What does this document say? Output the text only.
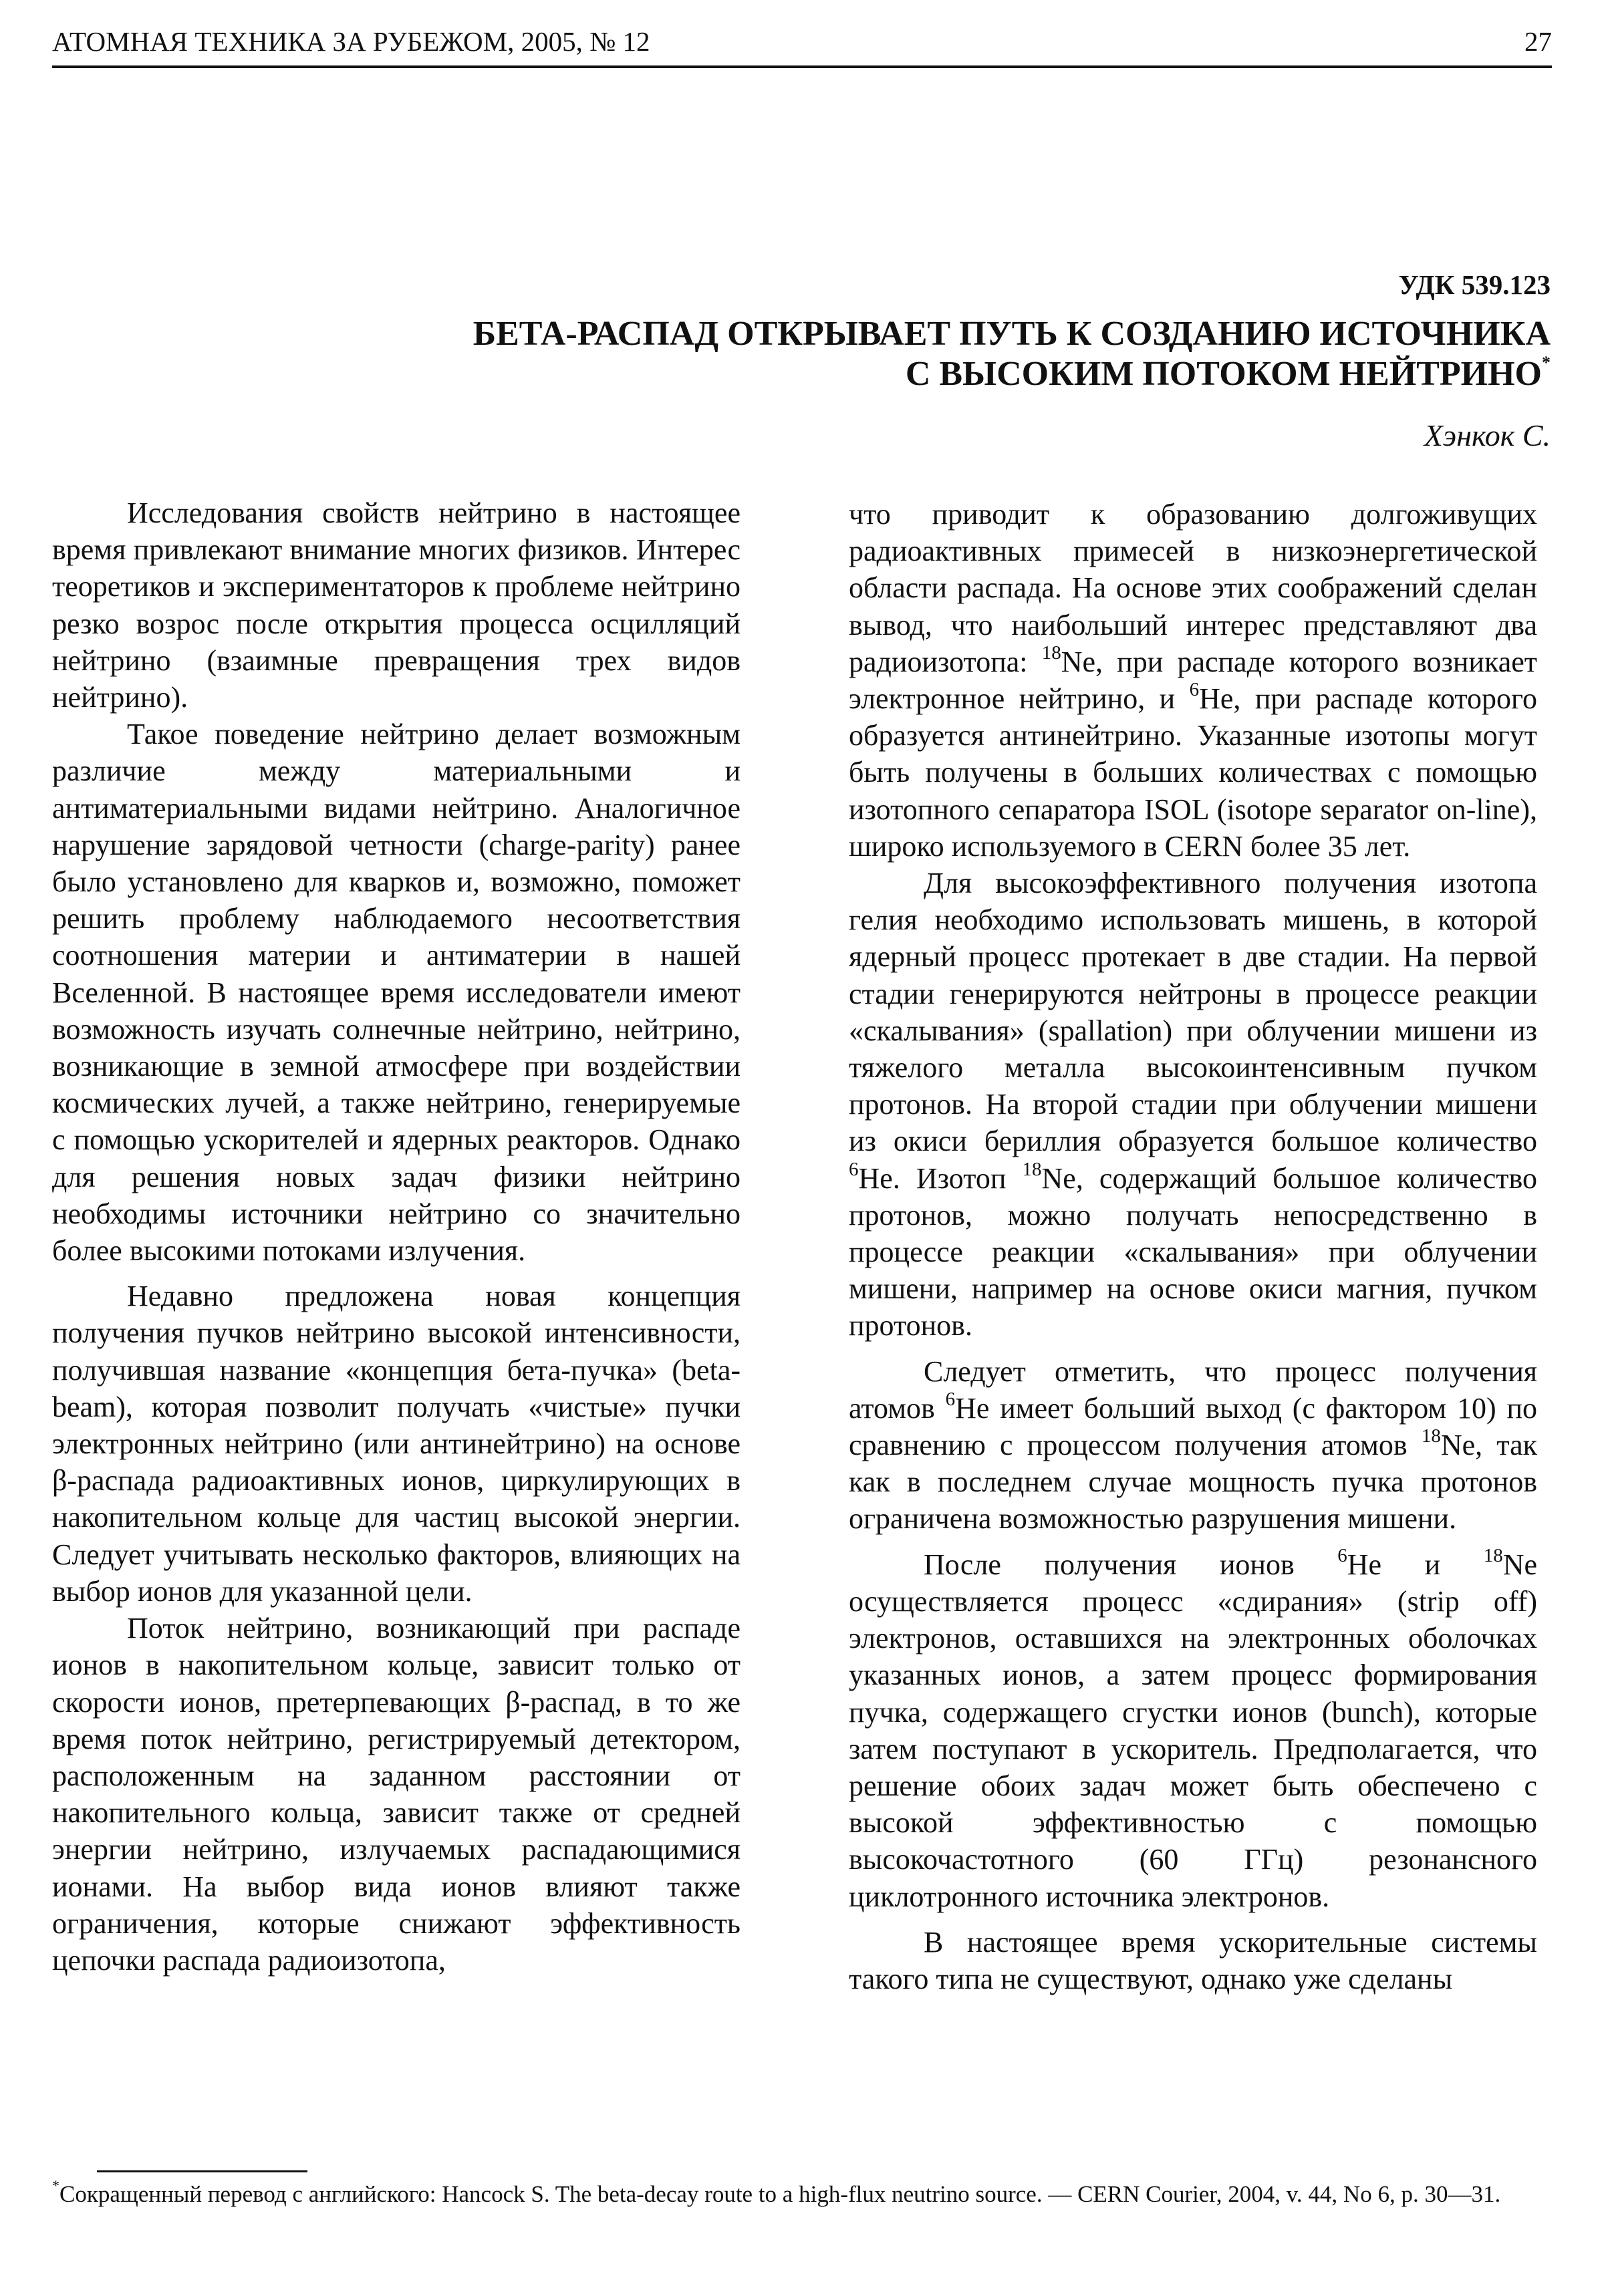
АТОМНАЯ ТЕХНИКА ЗА РУБЕЖОМ, 2005, № 12	27
УДК 539.123
БЕТА-РАСПАД ОТКРЫВАЕТ ПУТЬ К СОЗДАНИЮ ИСТОЧНИКА
С ВЫСОКИМ ПОТОКОМ НЕЙТРИНО*
Хэнкок С.

Исследования свойств нейтрино в настоящее время привлекают внимание многих физиков. Интерес теоретиков и экспериментаторов к проблеме нейтрино резко возрос после открытия процесса осцилляций нейтрино (взаимные превращения трех видов нейтрино).

Такое поведение нейтрино делает возможным различие между материальными и антиматериальными видами нейтрино. Аналогичное нарушение зарядовой четности (charge-parity) ранее было установлено для кварков и, возможно, поможет решить проблему наблюдаемого несоответствия соотношения материи и антиматерии в нашей Вселенной. В настоящее время исследователи имеют возможность изучать солнечные нейтрино, нейтрино, возникающие в земной атмосфере при воздействии космических лучей, а также нейтрино, генерируемые с помощью ускорителей и ядерных реакторов. Однако для решения новых задач физики нейтрино необходимы источники нейтрино со значительно более высокими потоками излучения.

Недавно предложена новая концепция получения пучков нейтрино высокой интенсивности, получившая название «концепция бета-пучка» (beta-beam), которая позволит получать «чистые» пучки электронных нейтрино (или антинейтрино) на основе β-распада радиоактивных ионов, циркулирующих в накопительном кольце для частиц высокой энергии. Следует учитывать несколько факторов, влияющих на выбор ионов для указанной цели.

Поток нейтрино, возникающий при распаде ионов в накопительном кольце, зависит только от скорости ионов, претерпевающих β-распад, в то же время поток нейтрино, регистрируемый детектором, расположенным на заданном расстоянии от накопительного кольца, зависит также от средней энергии нейтрино, излучаемых распадающимися ионами. На выбор вида ионов влияют также ограничения, которые снижают эффективность цепочки распада радиоизотопа,

что приводит к образованию долгоживущих радиоактивных примесей в низкоэнергетической области распада. На основе этих соображений сделан вывод, что наибольший интерес представляют два радиоизотопа: $^{18}$Ne, при распаде которого возникает электронное нейтрино, и $^6$He, при распаде которого образуется антинейтрино. Указанные изотопы могут быть получены в больших количествах с помощью изотопного сепаратора ISOL (isotope separator on-line), широко используемого в CERN более 35 лет.

Для высокоэффективного получения изотопа гелия необходимо использовать мишень, в которой ядерный процесс протекает в две стадии. На первой стадии генерируются нейтроны в процессе реакции «скалывания» (spallation) при облучении мишени из тяжелого металла высокоинтенсивным пучком протонов. На второй стадии при облучении мишени из окиси бериллия образуется большое количество $^6$He. Изотоп $^{18}$Ne, содержащий большое количество протонов, можно получать непосредственно в процессе реакции «скалывания» при облучении мишени, например на основе окиси магния, пучком протонов.

Следует отметить, что процесс получения атомов $^6$He имеет больший выход (с фактором 10) по сравнению с процессом получения атомов $^{18}$Ne, так как в последнем случае мощность пучка протонов ограничена возможностью разрушения мишени.

После получения ионов $^6$He и $^{18}$Ne осуществляется процесс «сдирания» (strip off) электронов, оставшихся на электронных оболочках указанных ионов, а затем процесс формирования пучка, содержащего сгустки ионов (bunch), которые затем поступают в ускоритель. Предполагается, что решение обоих задач может быть обеспечено с высокой эффективностью с помощью высокочастотного (60 ГГц) резонансного циклотронного источника электронов.

В настоящее время ускорительные системы такого типа не существуют, однако уже сделаны

*Сокращенный перевод с английского: Hancock S. The beta-decay route to a high-flux neutrino source. — CERN Courier, 2004, v. 44, No 6, p. 30—31.
